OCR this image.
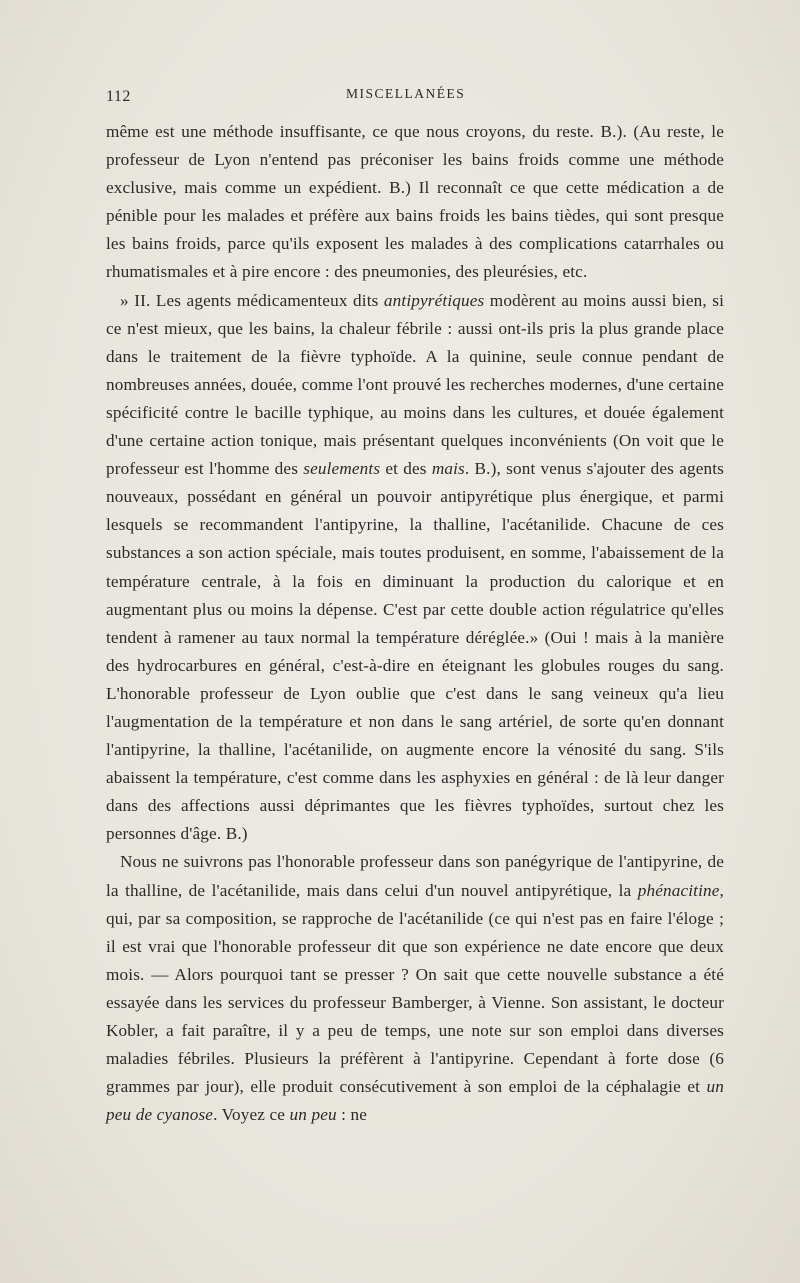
112	MISCELLANÉES

même est une méthode insuffisante, ce que nous croyons, du reste. B.). (Au reste, le professeur de Lyon n'entend pas préconiser les bains froids comme une méthode exclusive, mais comme un expédient. B.) Il reconnaît ce que cette médication a de pénible pour les malades et préfère aux bains froids les bains tièdes, qui sont presque les bains froids, parce qu'ils exposent les malades à des complications catarrhales ou rhumatismales et à pire encore : des pneumonies, des pleurésies, etc.

» II. Les agents médicamenteux dits antipyrétiques modèrent au moins aussi bien, si ce n'est mieux, que les bains, la chaleur fébrile : aussi ont-ils pris la plus grande place dans le traitement de la fièvre typhoïde. A la quinine, seule connue pendant de nombreuses années, douée, comme l'ont prouvé les recherches modernes, d'une certaine spécificité contre le bacille typhique, au moins dans les cultures, et douée également d'une certaine action tonique, mais présentant quelques inconvénients (On voit que le professeur est l'homme des seulements et des mais. B.), sont venus s'ajouter des agents nouveaux, possédant en général un pouvoir antipyrétique plus énergique, et parmi lesquels se recommandent l'antipyrine, la thalline, l'acétanilide. Chacune de ces substances a son action spéciale, mais toutes produisent, en somme, l'abaissement de la température centrale, à la fois en diminuant la production du calorique et en augmentant plus ou moins la dépense. C'est par cette double action régulatrice qu'elles tendent à ramener au taux normal la température déréglée.» (Oui ! mais à la manière des hydrocarbures en général, c'est-à-dire en éteignant les globules rouges du sang. L'honorable professeur de Lyon oublie que c'est dans le sang veineux qu'a lieu l'augmentation de la température et non dans le sang artériel, de sorte qu'en donnant l'antipyrine, la thalline, l'acétanilide, on augmente encore la vénosité du sang. S'ils abaissent la température, c'est comme dans les asphyxies en général : de là leur danger dans des affections aussi déprimantes que les fièvres typhoïdes, surtout chez les personnes d'âge. B.)

Nous ne suivrons pas l'honorable professeur dans son panégyrique de l'antipyrine, de la thalline, de l'acétanilide, mais dans celui d'un nouvel antipyrétique, la phénacitine, qui, par sa composition, se rapproche de l'acétanilide (ce qui n'est pas en faire l'éloge ; il est vrai que l'honorable professeur dit que son expérience ne date encore que deux mois. — Alors pourquoi tant se presser ? On sait que cette nouvelle substance a été essayée dans les services du professeur Bamberger, à Vienne. Son assistant, le docteur Kobler, a fait paraître, il y a peu de temps, une note sur son emploi dans diverses maladies fébriles. Plusieurs la préfèrent à l'antipyrine. Cependant à forte dose (6 grammes par jour), elle produit consécutivement à son emploi de la céphalagie et un peu de cyanose. Voyez ce un peu : ne
